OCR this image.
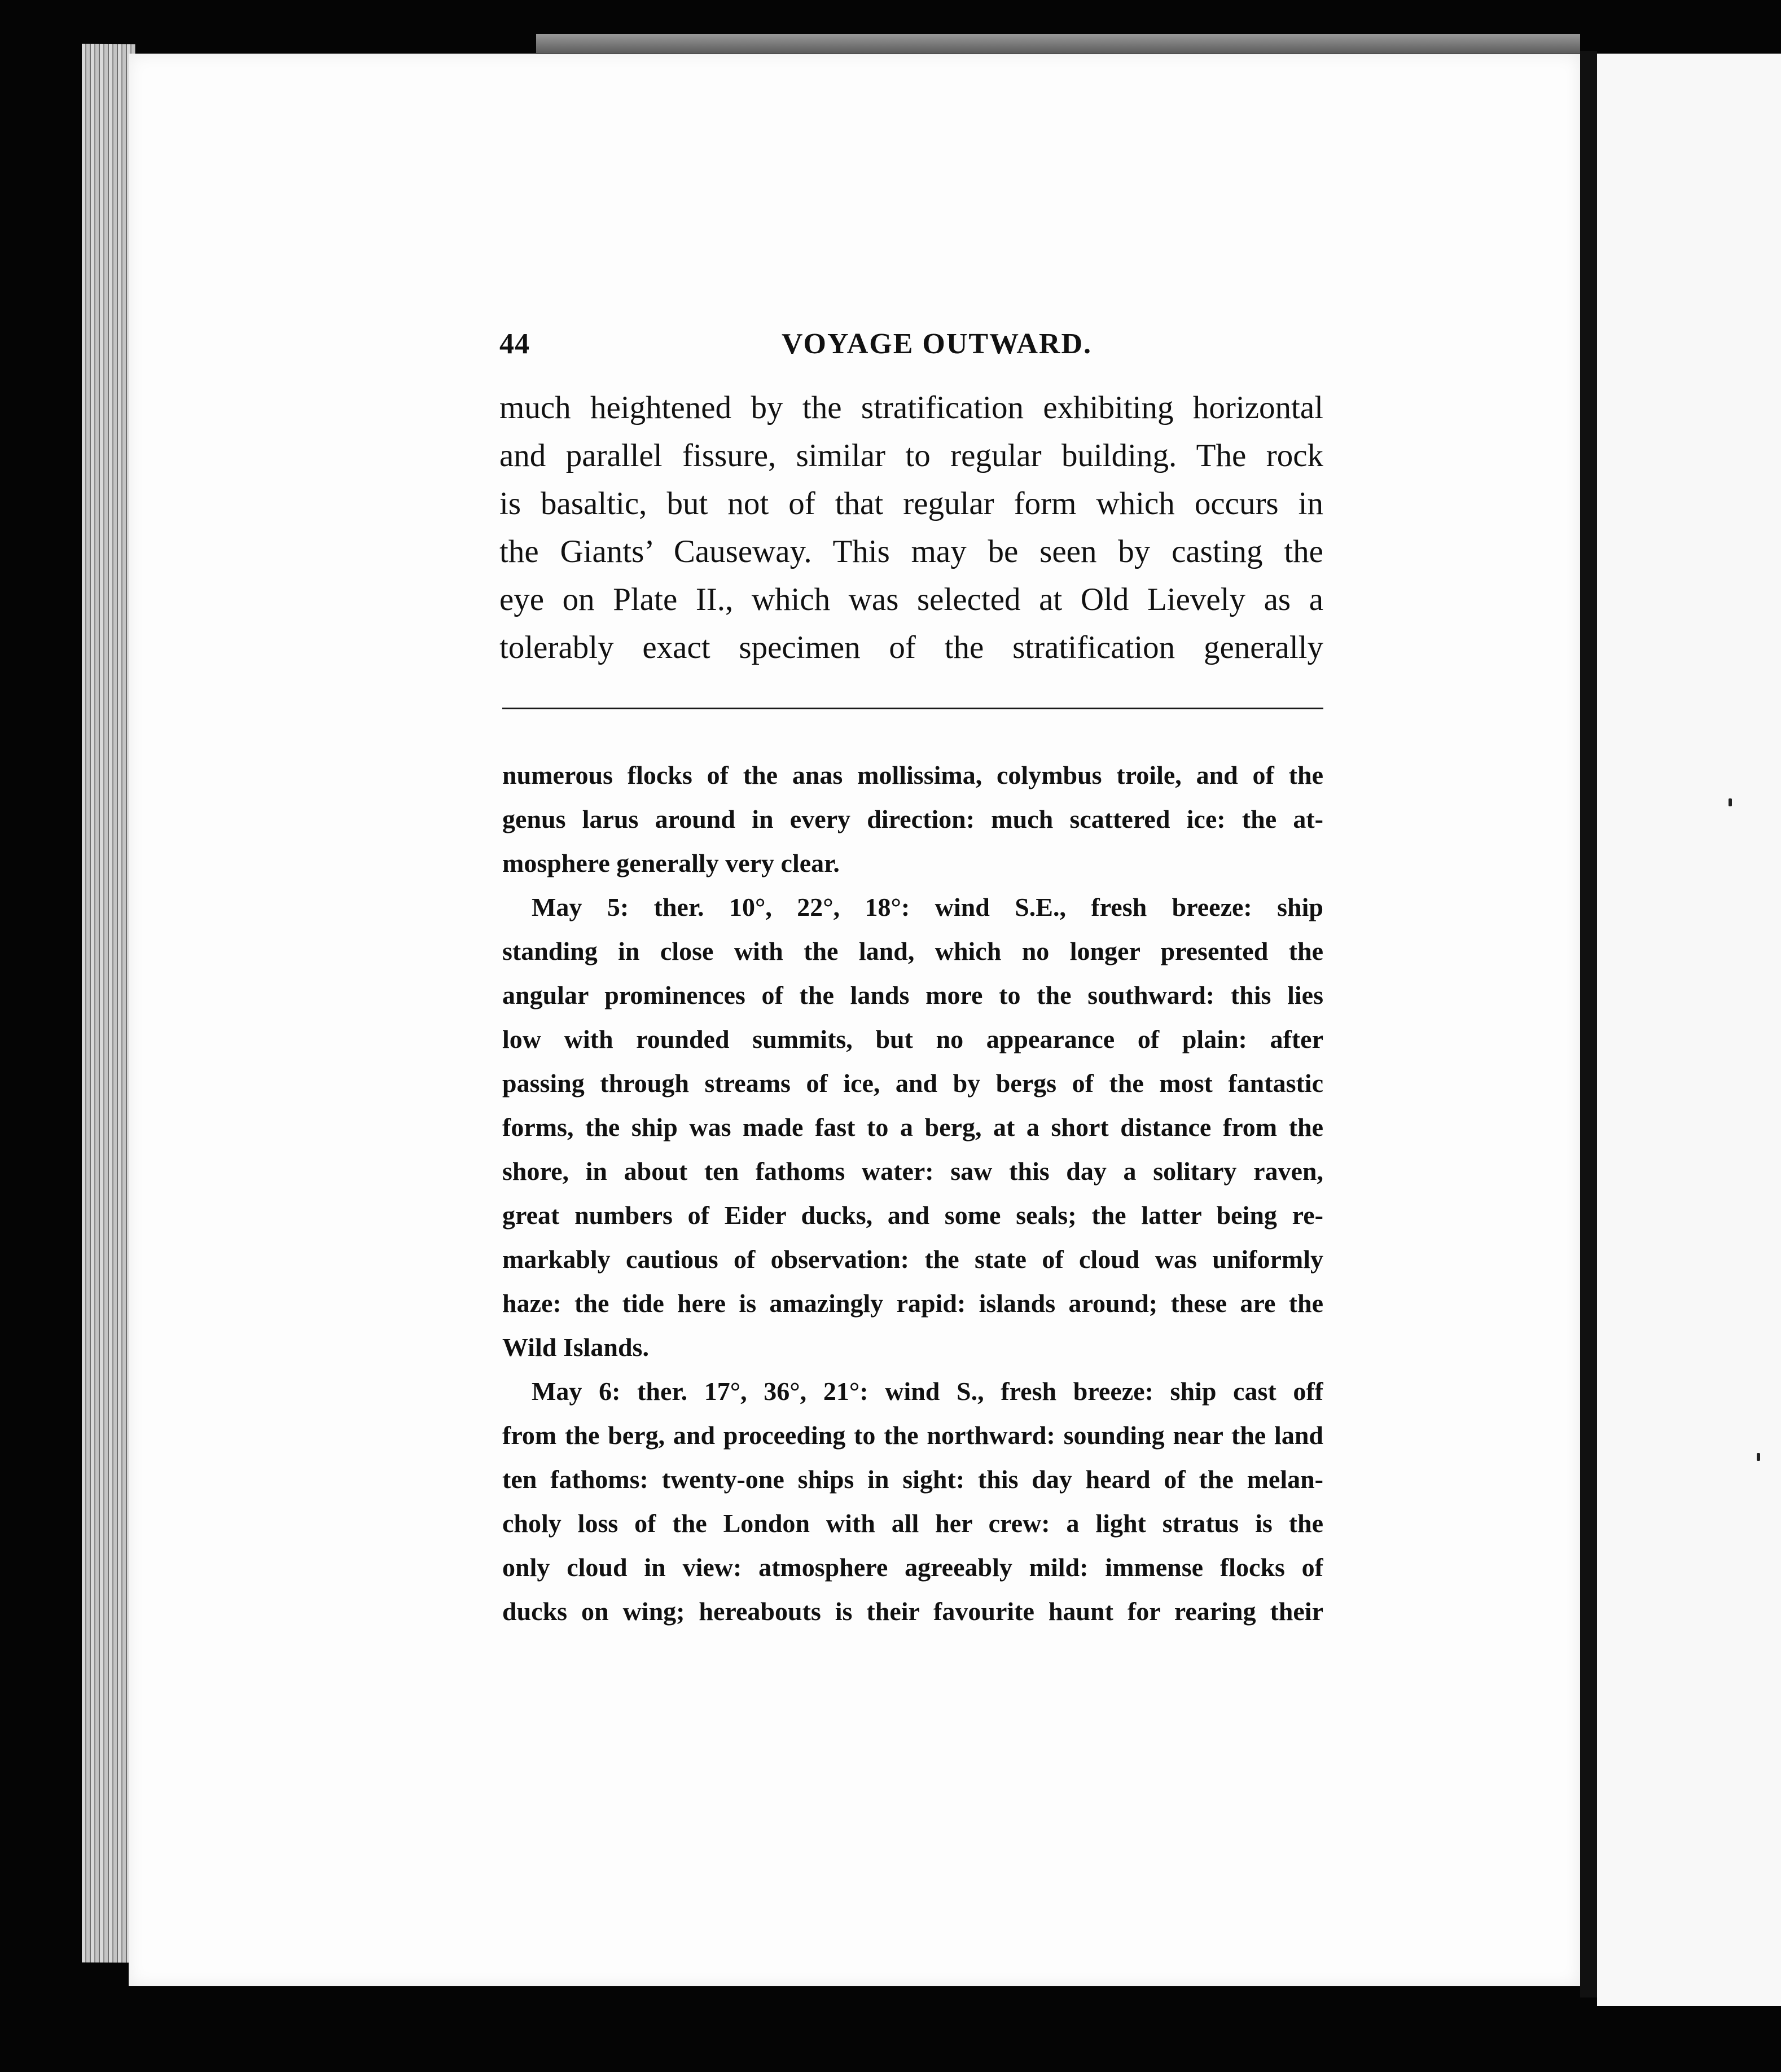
44	VOYAGE OUTWARD.
much heightened by the stratification exhibiting horizontal
and parallel fissure, similar to regular building. The rock
is basaltic, but not of that regular form which occurs in
the Giants’ Causeway. This may be seen by casting the
eye on Plate II., which was selected at Old Lievely as a
tolerably exact specimen of the stratification generally
numerous flocks of the anas mollissima, colymbus troile, and of the
genus larus around in every direction: much scattered ice: the at-
mosphere generally very clear.
May 5: ther. 10°, 22°, 18°: wind S.E., fresh breeze: ship
standing in close with the land, which no longer presented the
angular prominences of the lands more to the southward: this lies
low with rounded summits, but no appearance of plain: after
passing through streams of ice, and by bergs of the most fantastic
forms, the ship was made fast to a berg, at a short distance from the
shore, in about ten fathoms water: saw this day a solitary raven,
great numbers of Eider ducks, and some seals; the latter being re-
markably cautious of observation: the state of cloud was uniformly
haze: the tide here is amazingly rapid: islands around; these are the
Wild Islands.
May 6: ther. 17°, 36°, 21°: wind S., fresh breeze: ship cast off
from the berg, and proceeding to the northward: sounding near the land
ten fathoms: twenty-one ships in sight: this day heard of the melan-
choly loss of the London with all her crew: a light stratus is the
only cloud in view: atmosphere agreeably mild: immense flocks of
ducks on wing; hereabouts is their favourite haunt for rearing their
